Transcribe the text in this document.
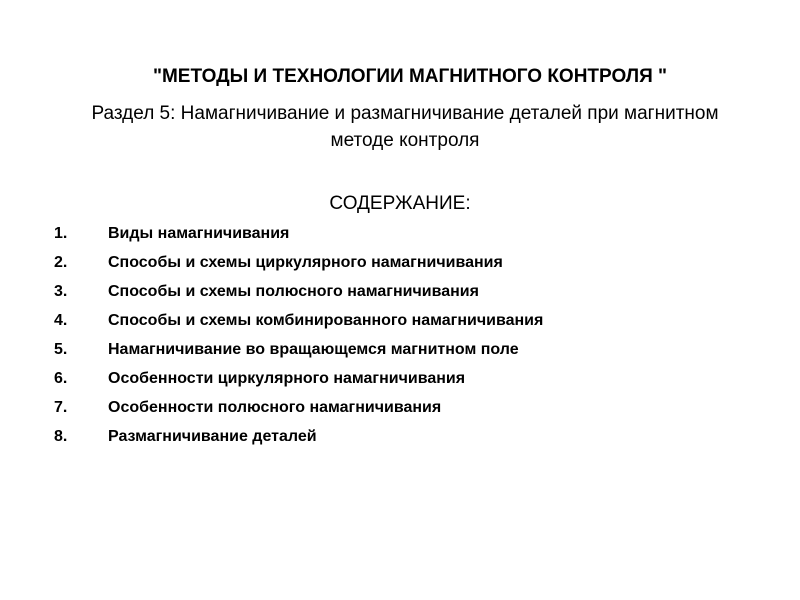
"МЕТОДЫ И ТЕХНОЛОГИИ МАГНИТНОГО КОНТРОЛЯ "
Раздел 5: Намагничивание и размагничивание деталей при магнитном методе контроля
СОДЕРЖАНИЕ:
1.	Виды намагничивания
2.	Способы и схемы циркулярного намагничивания
3.	Способы и схемы полюсного намагничивания
4.	Способы и схемы комбинированного намагничивания
5.	Намагничивание во вращающемся магнитном поле
6.	Особенности циркулярного намагничивания
7.	Особенности полюсного намагничивания
8.	Размагничивание деталей
